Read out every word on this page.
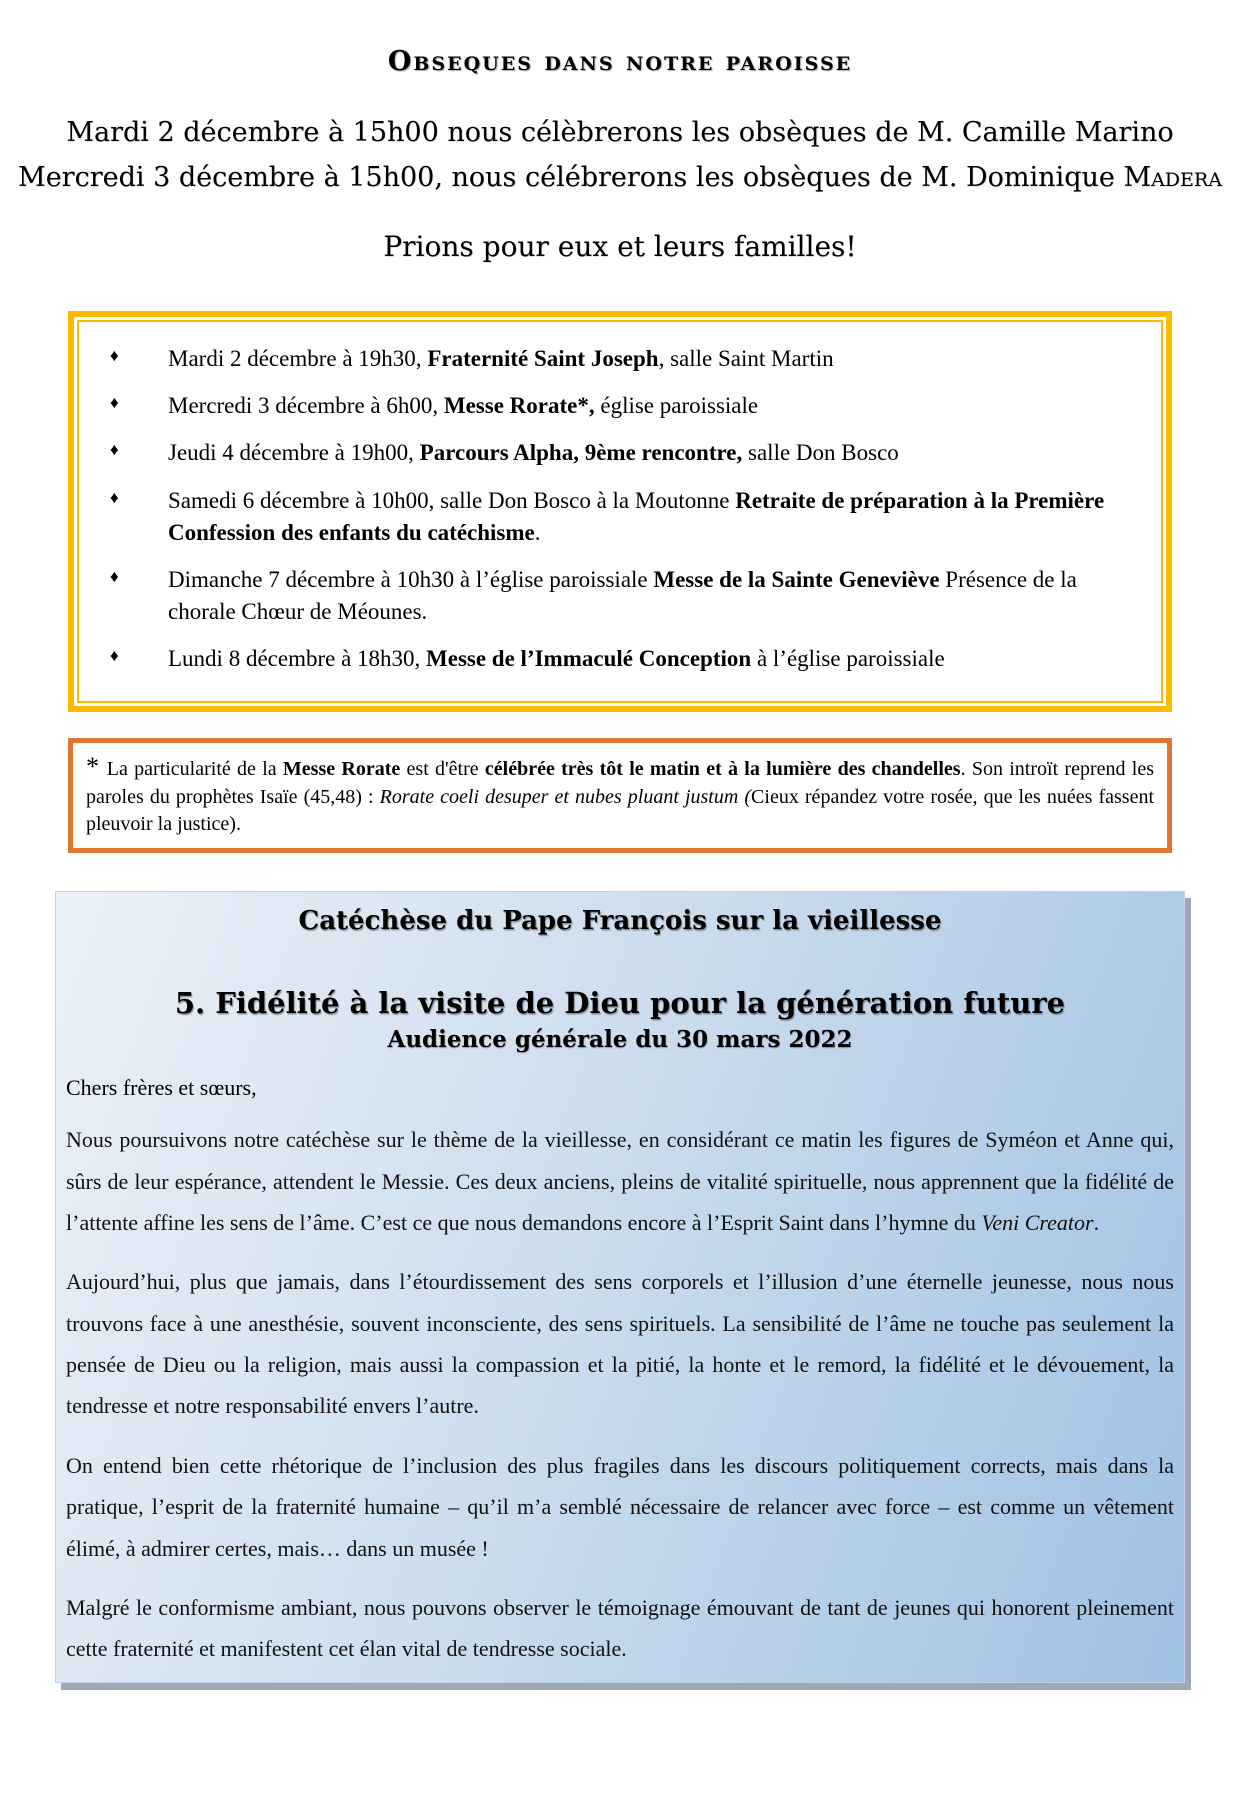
Obseques dans notre paroisse

Mardi 2 décembre à 15h00 nous célèbrerons les obsèques de M. Camille Marino

Mercredi 3 décembre à 15h00, nous célébrerons les obsèques de M. Dominique Madera

Prions pour eux et leurs familles!

♦ Mardi 2 décembre à 19h30, Fraternité Saint Joseph, salle Saint Martin
♦ Mercredi 3 décembre à 6h00, Messe Rorate*, église paroissiale
♦ Jeudi 4 décembre à 19h00, Parcours Alpha, 9ème rencontre, salle Don Bosco
♦ Samedi 6 décembre à 10h00, salle Don Bosco à la Moutonne Retraite de préparation à la Première Confession des enfants du catéchisme.
♦ Dimanche 7 décembre à 10h30 à l’église paroissiale Messe de la Sainte Geneviève Présence de la chorale Chœur de Méounes.
♦ Lundi 8 décembre à 18h30, Messe de l’Immaculé Conception à l’église paroissiale

* La particularité de la Messe Rorate est d'être célébrée très tôt le matin et à la lumière des chandelles. Son introït reprend les paroles du prophètes Isaïe (45,48) : Rorate coeli desuper et nubes pluant justum (Cieux répandez votre rosée, que les nuées fassent pleuvoir la justice).

Catéchèse du Pape François sur la vieillesse
5. Fidélité à la visite de Dieu pour la génération future
Audience générale du 30 mars 2022

Chers frères et sœurs,

Nous poursuivons notre catéchèse sur le thème de la vieillesse, en considérant ce matin les figures de Syméon et Anne qui, sûrs de leur espérance, attendent le Messie. Ces deux anciens, pleins de vitalité spirituelle, nous apprennent que la fidélité de l’attente affine les sens de l’âme. C’est ce que nous demandons encore à l’Esprit Saint dans l’hymne du Veni Creator.

Aujourd’hui, plus que jamais, dans l’étourdissement des sens corporels et l’illusion d’une éternelle jeunesse, nous nous trouvons face à une anesthésie, souvent inconsciente, des sens spirituels. La sensibilité de l’âme ne touche pas seulement la pensée de Dieu ou la religion, mais aussi la compassion et la pitié, la honte et le remord, la fidélité et le dévouement, la tendresse et notre responsabilité envers l’autre.

On entend bien cette rhétorique de l’inclusion des plus fragiles dans les discours politiquement corrects, mais dans la pratique, l’esprit de la fraternité humaine – qu’il m’a semblé nécessaire de relancer avec force – est comme un vêtement élimé, à admirer certes, mais… dans un musée !

Malgré le conformisme ambiant, nous pouvons observer le témoignage émouvant de tant de jeunes qui honorent pleinement cette fraternité et manifestent cet élan vital de tendresse sociale.
